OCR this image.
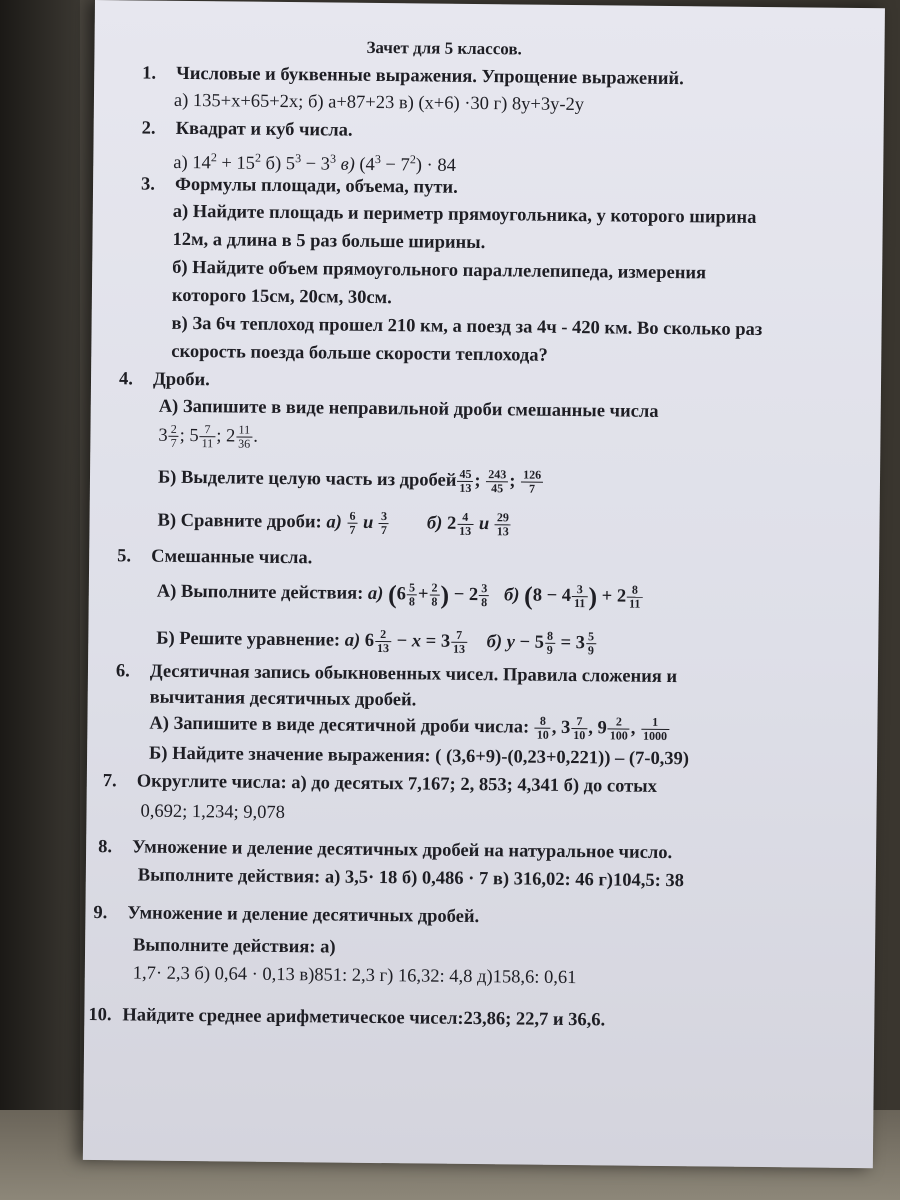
Зачет для 5 классов.
1. Числовые и буквенные выражения. Упрощение выражений.
а) 135+х+65+2х; б) а+87+23 в) (х+6) ·30 г) 8у+3у-2у
2. Квадрат и куб числа.
а) $14^2 + 15^2$ б) $5^3 - 3^3$ в) $(4^3 - 7^2) \cdot 84$
3. Формулы площади, объема, пути.
а) Найдите площадь и периметр прямоугольника, у которого ширина
12м, а длина в 5 раз больше ширины.
б) Найдите объем прямоугольного параллелепипеда, измерения
которого 15см, 20см, 30см.
в) За 6ч теплоход прошел 210 км, а поезд за 4ч - 420 км. Во сколько раз
скорость поезда больше скорости теплохода?
4. Дроби.
А) Запишите в виде неправильной дроби смешанные числа
$3 \frac{2}{7}$ ; $5 \frac{7}{11}$ ; $2 \frac{11}{36}$ .
Б) Выделите целую часть из дробей $\frac{45}{13}$ ; $\frac{243}{45}$ ; $\frac{126}{7}$
В) Сравните дроби: $а) \frac{6}{7}$ и $\frac{3}{7} б$) $2 \frac{4}{13}$ и $\frac{29}{13}$
5. Смешанные числа.
А) Выполните действия: а) ($6 \frac{5}{8} + \frac{2}{8}$ ) − $2 \frac{3}{8} б$) ($8 - 4 \frac{3}{11}$ ) + $2 \frac{8}{11}$
Б) Решите уравнение: а) $6 \frac{2}{13} - x = 3 \frac{7}{13} б$) $y - 5 \frac{8}{9} = 3 \frac{5}{9}$
6. Десятичная запись обыкновенных чисел. Правила сложения и
вычитания десятичных дробей.
А) Запишите в виде десятичной дроби числа: $\frac{8}{10}$ , $3 \frac{7}{10}$ , $9 \frac{2}{100}$ , $\frac{1}{1000}$
Б) Найдите значение выражения: ( (3,6+9)-(0,23+0,221)) – (7-0,39)
7. Округлите числа: а) до десятых 7,167; 2, 853; 4,341 б) до сотых
0,692; 1,234; 9,078
8. Умножение и деление десятичных дробей на натуральное число.
Выполните действия: а) 3,5· 18 б) 0,486 · 7 в) 316,02: 46 г)104,5: 38
9. Умножение и деление десятичных дробей.
Выполните действия: а)
1,7· 2,3 б) 0,64 · 0,13 в)851: 2,3 г) 16,32: 4,8 д)158,6: 0,61
10. Найдите среднее арифметическое чисел:23,86; 22,7 и 36,6.
